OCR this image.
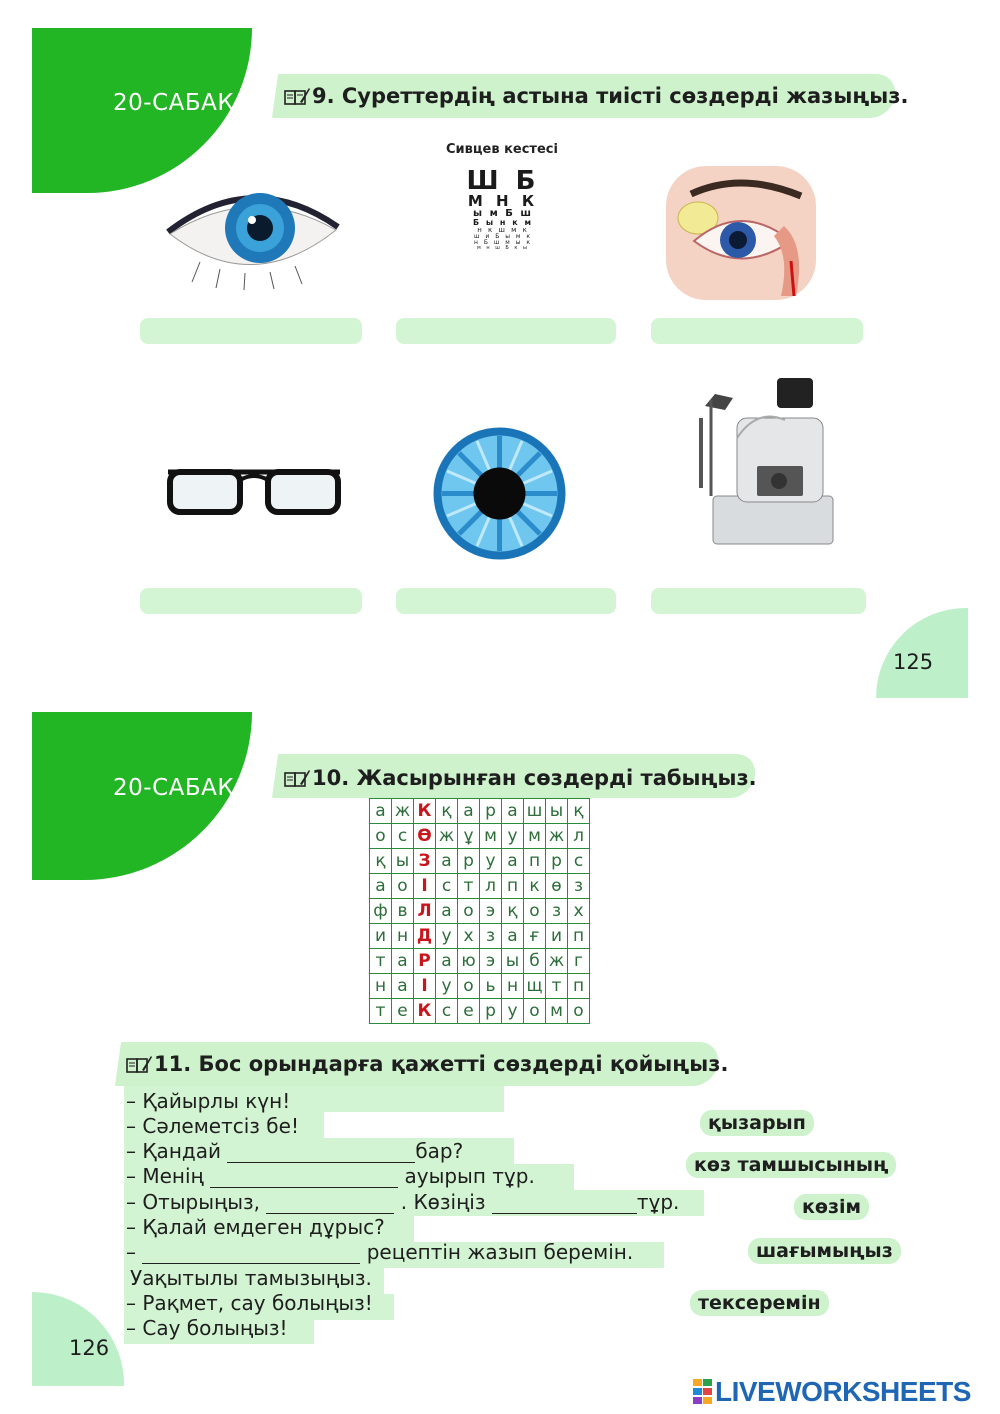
20-САБАҚ	9. Суреттердің астына тиісті сөздерді жазыңыз.
Сивцев кестесі
Ш Б
М Н К
ы м Б ш
Б ы н к м
н к ш м к
ш и Б ы м к
н Б ш м ы к
м н ш Б к ы
125
20-САБАҚ	10. Жасырынған сөздерді табыңыз.
а	ж	К	қ	а	р	а	ш	ы	қ
о	с	Ө	ж	ұ	м	у	м	ж	л
қ	ы	З	а	р	у	а	п	р	с
а	о	І	с	т	л	п	к	ө	з
ф	в	Л	а	о	э	қ	о	з	х
и	н	Д	у	х	з	а	ғ	и	п
т	а	Р	а	ю	э	ы	б	ж	г
н	а	І	у	о	ь	н	щ	т	п
т	е	К	с	е	р	у	о	м	о
11. Бос орындарға қажетті сөздерді қойыңыз.
– Қайырлы күн!
– Сәлеметсіз бе!
– Қандай	бар?
– Менің	ауырып тұр.
– Отырыңыз,	. Көзіңіз	тұр.
– Қалай емдеген дұрыс?
–	рецептін жазып беремін.
Уақытылы тамызыңыз.
– Рақмет, сау болыңыз!
– Сау болыңыз!
қызарып
көз тамшысының
көзім
шағымыңыз
тексеремін
126
LIVEWORKSHEETS
